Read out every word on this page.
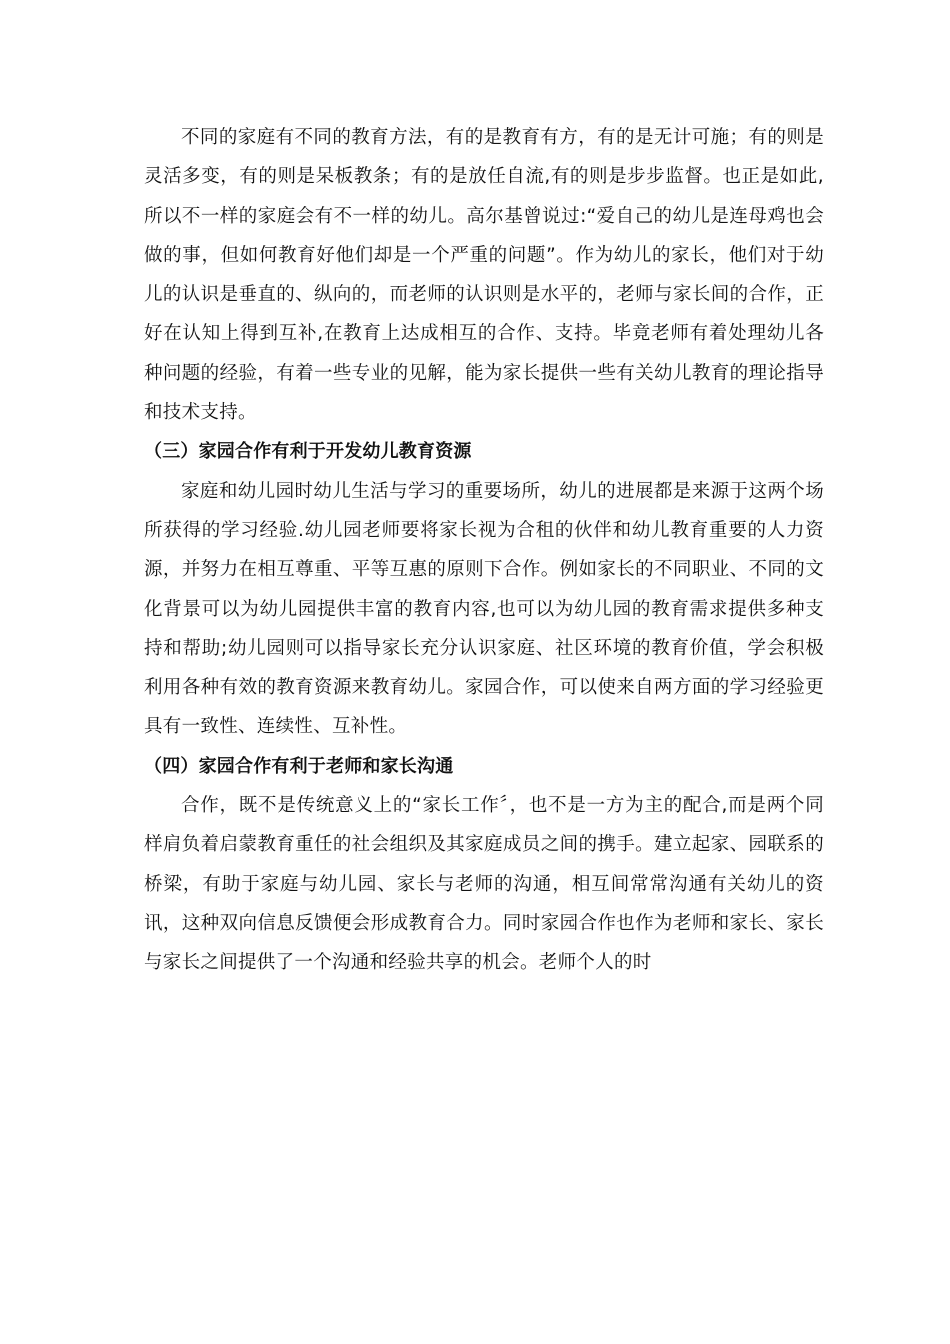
不同的家庭有不同的教育方法，有的是教育有方，有的是无计可施；有的则是灵活多变，有的则是呆板教条；有的是放任自流,有的则是步步监督。也正是如此,所以不一样的家庭会有不一样的幼儿。高尔基曾说过:“爱自己的幼儿是连母鸡也会做的事，但如何教育好他们却是一个严重的问题”。作为幼儿的家长，他们对于幼儿的认识是垂直的、纵向的，而老师的认识则是水平的，老师与家长间的合作，正好在认知上得到互补,在教育上达成相互的合作、支持。毕竟老师有着处理幼儿各种问题的经验，有着一些专业的见解，能为家长提供一些有关幼儿教育的理论指导和技术支持。

（三）家园合作有利于开发幼儿教育资源

家庭和幼儿园时幼儿生活与学习的重要场所，幼儿的进展都是来源于这两个场所获得的学习经验.幼儿园老师要将家长视为合租的伙伴和幼儿教育重要的人力资源，并努力在相互尊重、平等互惠的原则下合作。例如家长的不同职业、不同的文化背景可以为幼儿园提供丰富的教育内容,也可以为幼儿园的教育需求提供多种支持和帮助;幼儿园则可以指导家长充分认识家庭、社区环境的教育价值，学会积极利用各种有效的教育资源来教育幼儿。家园合作，可以使来自两方面的学习经验更具有一致性、连续性、互补性。

（四）家园合作有利于老师和家长沟通

合作，既不是传统意义上的“家长工作〞，也不是一方为主的配合,而是两个同样肩负着启蒙教育重任的社会组织及其家庭成员之间的携手。建立起家、园联系的桥梁，有助于家庭与幼儿园、家长与老师的沟通，相互间常常沟通有关幼儿的资讯，这种双向信息反馈便会形成教育合力。同时家园合作也作为老师和家长、家长与家长之间提供了一个沟通和经验共享的机会。老师个人的时
